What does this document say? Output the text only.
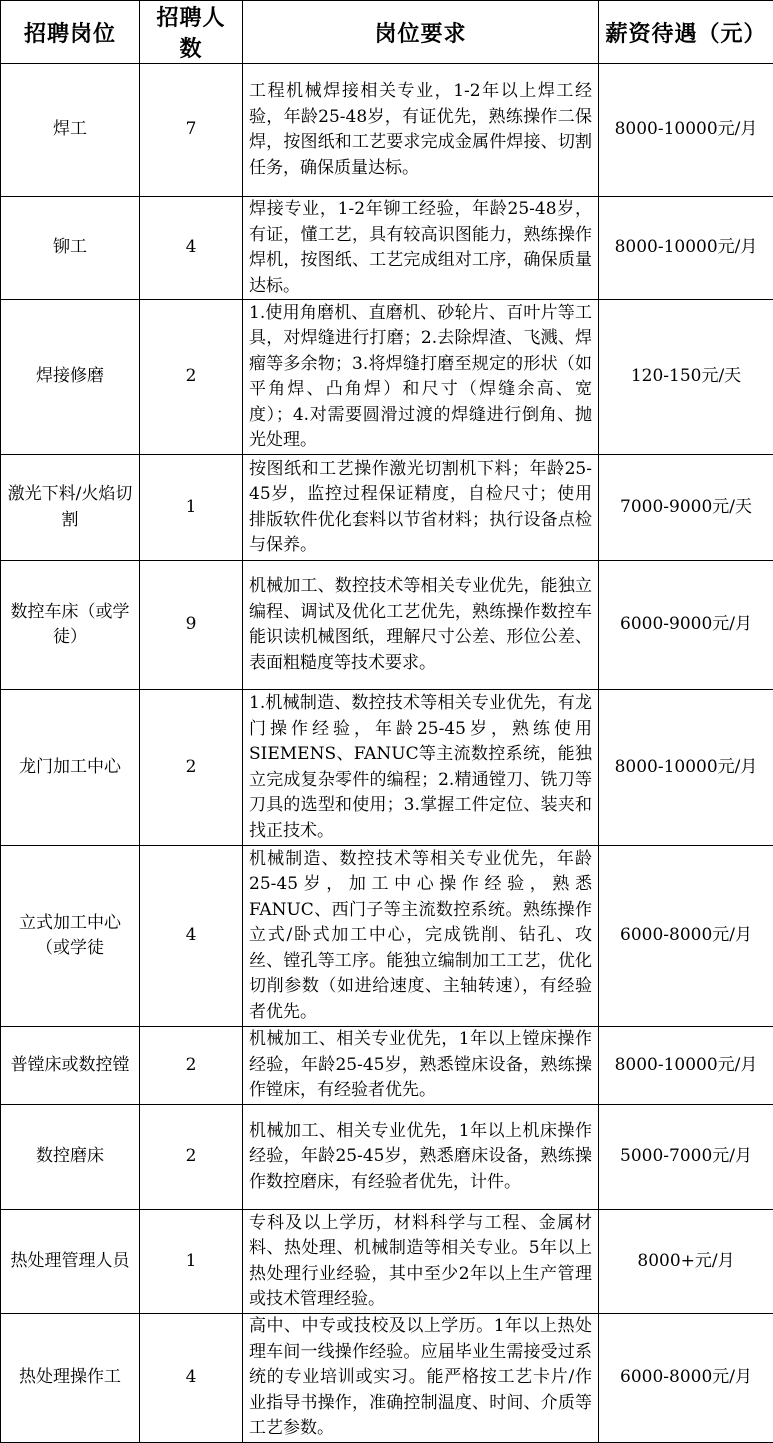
招聘岗位	招聘人数	岗位要求	薪资待遇（元）
焊工	7	工程机械焊接相关专业，1-2年以上焊工经验，年龄25-48岁，有证优先，熟练操作二保焊，按图纸和工艺要求完成金属件焊接、切割任务，确保质量达标。	8000-10000元/月
铆工	4	焊接专业，1-2年铆工经验，年龄25-48岁，有证，懂工艺，具有较高识图能力，熟练操作焊机，按图纸、工艺完成组对工序，确保质量达标。	8000-10000元/月
焊接修磨	2	1.使用角磨机、直磨机、砂轮片、百叶片等工具，对焊缝进行打磨；2.去除焊渣、飞溅、焊瘤等多余物；3.将焊缝打磨至规定的形状（如平角焊、凸角焊）和尺寸（焊缝余高、宽度）；4.对需要圆滑过渡的焊缝进行倒角、抛光处理。	120-150元/天
激光下料/火焰切割	1	按图纸和工艺操作激光切割机下料；年龄25-45岁，监控过程保证精度，自检尺寸；使用排版软件优化套料以节省材料；执行设备点检与保养。	7000-9000元/天
数控车床（或学徒）	9	机械加工、数控技术等相关专业优先，能独立编程、调试及优化工艺优先，熟练操作数控车能识读机械图纸，理解尺寸公差、形位公差、表面粗糙度等技术要求。	6000-9000元/月
龙门加工中心	2	1.机械制造、数控技术等相关专业优先，有龙门操作经验，年龄25-45岁，熟练使用SIEMENS、FANUC等主流数控系统，能独立完成复杂零件的编程；2.精通镗刀、铣刀等刀具的选型和使用；3.掌握工件定位、装夹和找正技术。	8000-10000元/月
立式加工中心（或学徒	4	机械制造、数控技术等相关专业优先，年龄25-45岁，加工中心操作经验，熟悉FANUC、西门子等主流数控系统。熟练操作立式/卧式加工中心，完成铣削、钻孔、攻丝、镗孔等工序。能独立编制加工工艺，优化切削参数（如进给速度、主轴转速），有经验者优先。	6000-8000元/月
普镗床或数控镗	2	机械加工、相关专业优先，1年以上镗床操作经验，年龄25-45岁，熟悉镗床设备，熟练操作镗床，有经验者优先。	8000-10000元/月
数控磨床	2	机械加工、相关专业优先，1年以上机床操作经验，年龄25-45岁，熟悉磨床设备，熟练操作数控磨床，有经验者优先，计件。	5000-7000元/月
热处理管理人员	1	专科及以上学历，材料科学与工程、金属材料、热处理、机械制造等相关专业。5年以上热处理行业经验，其中至少2年以上生产管理或技术管理经验。	8000+元/月
热处理操作工	4	高中、中专或技校及以上学历。1年以上热处理车间一线操作经验。应届毕业生需接受过系统的专业培训或实习。能严格按工艺卡片/作业指导书操作，准确控制温度、时间、介质等工艺参数。	6000-8000元/月
